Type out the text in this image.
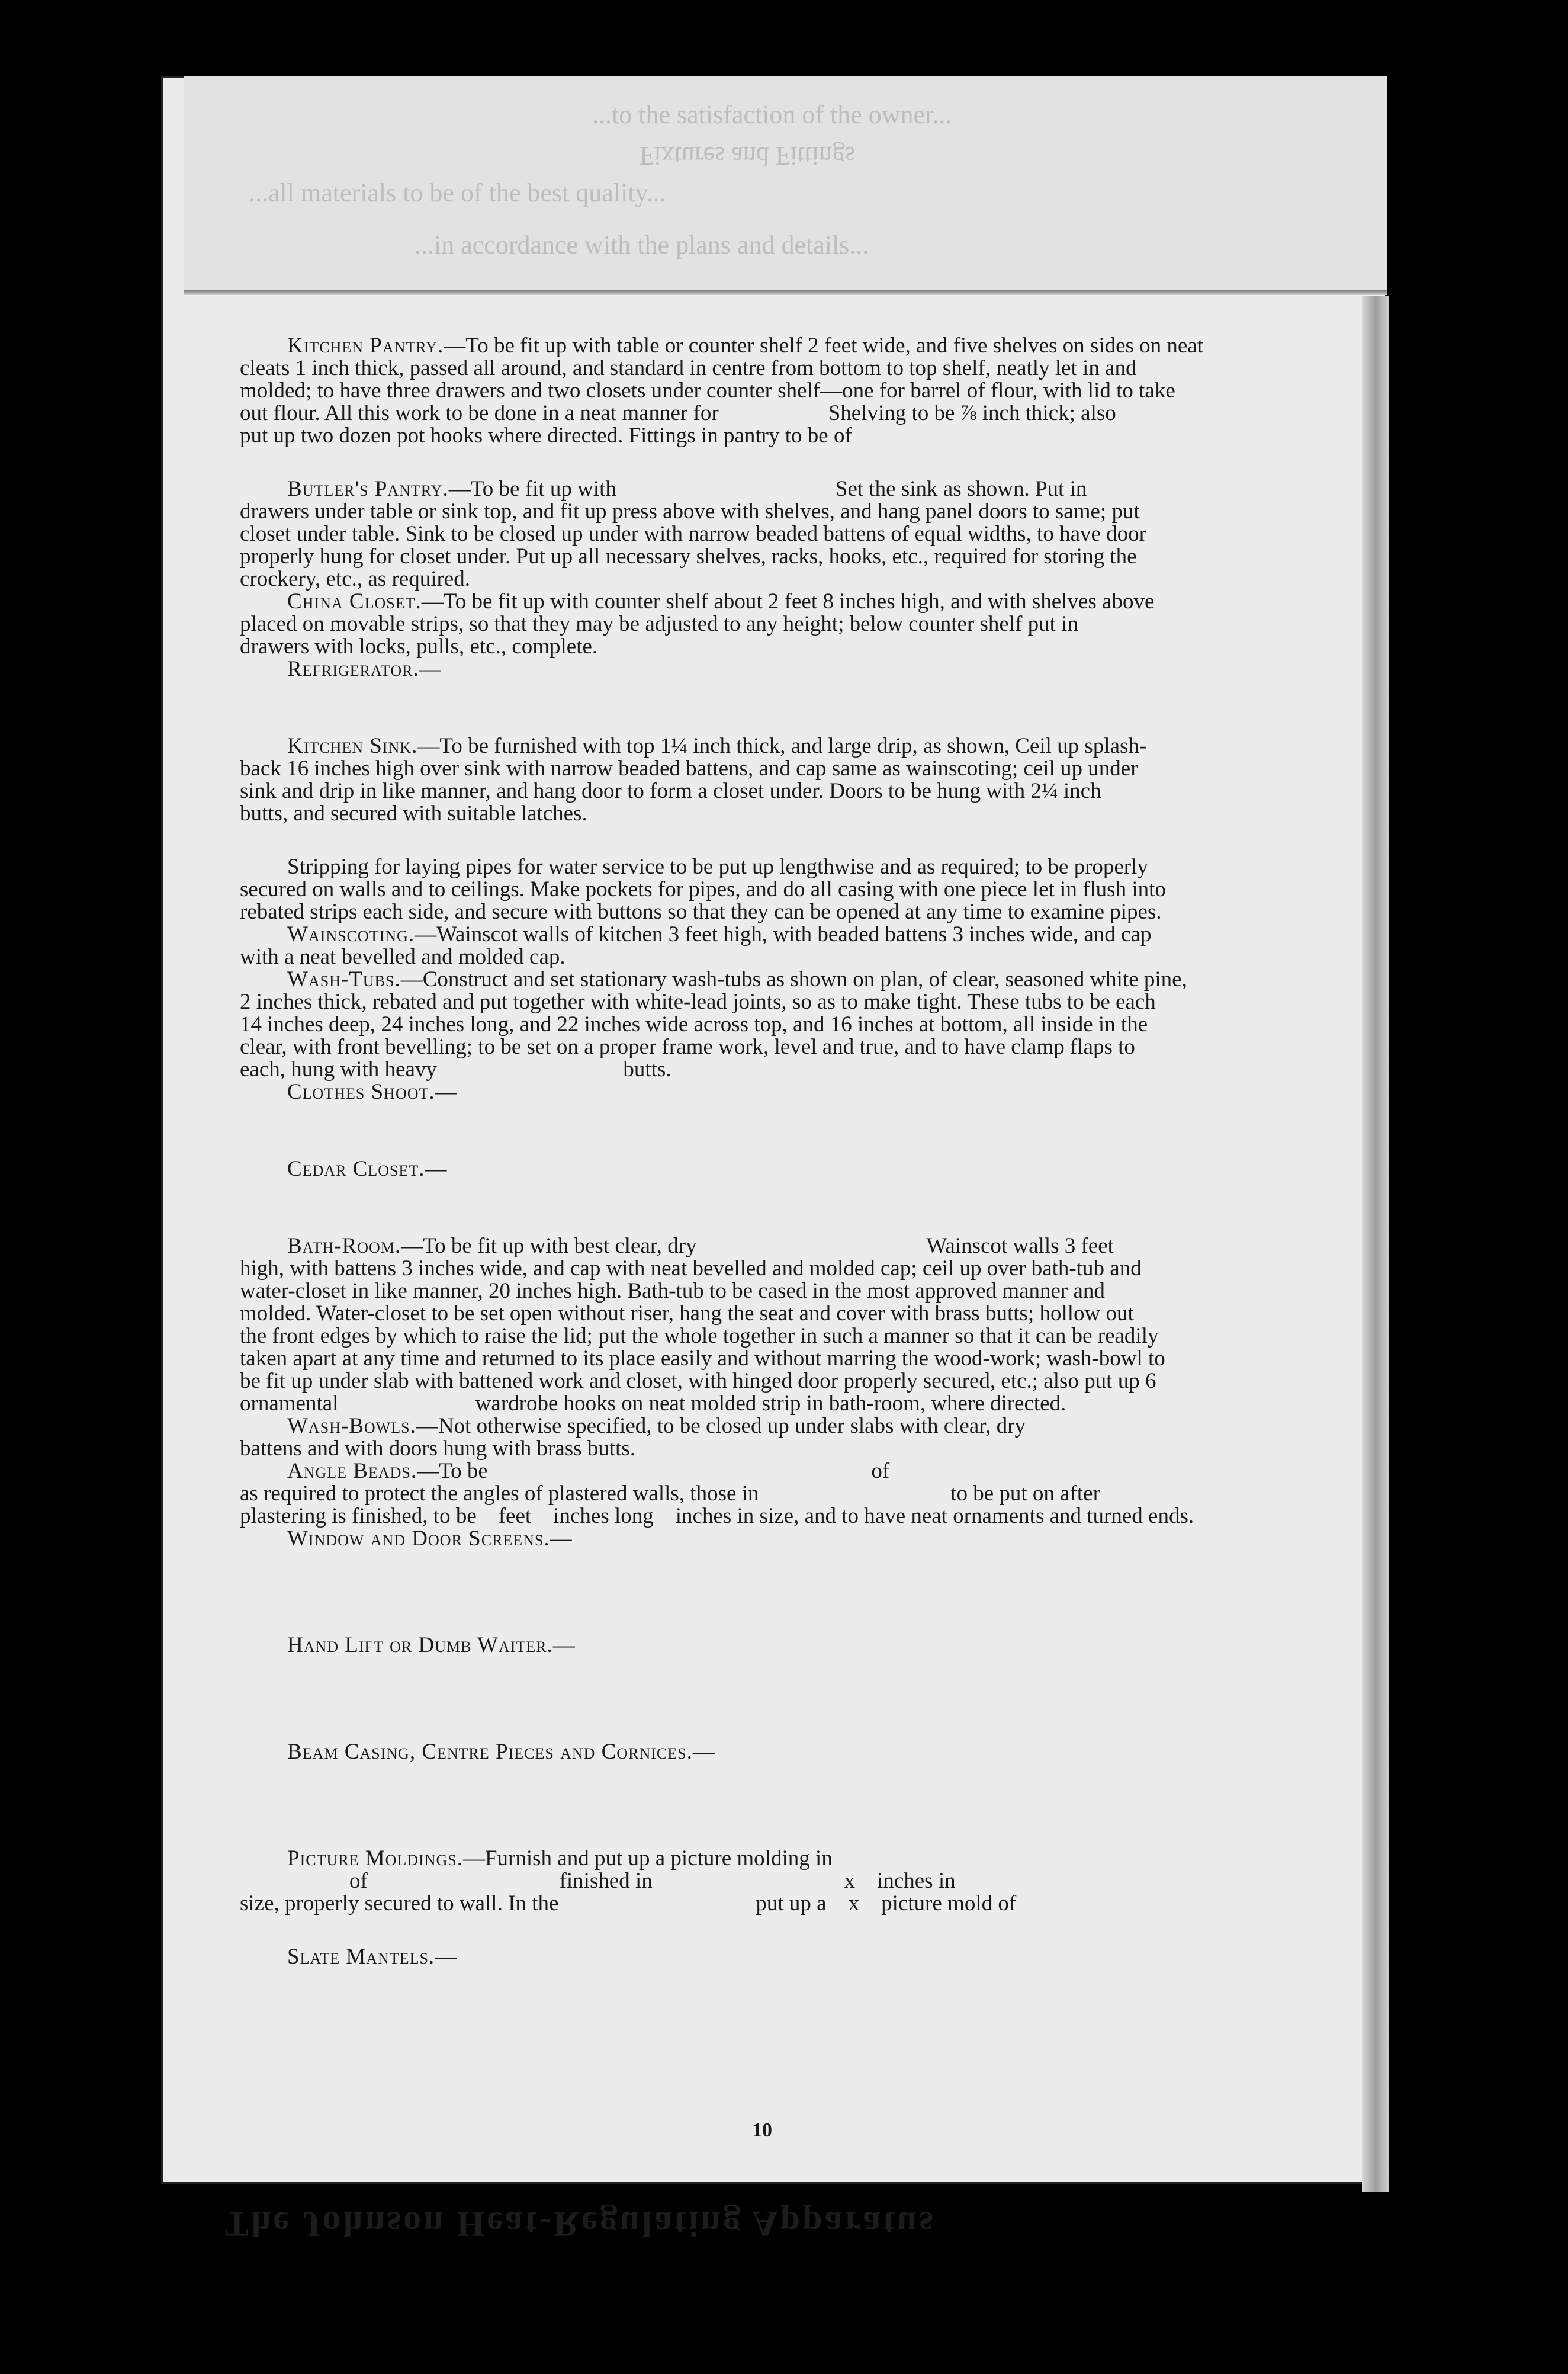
...to the satisfaction of the owner...
Fixtures and Fittings
...all materials to be of the best quality...
...in accordance with the plans and details...
Kitchen Pantry.—To be fit up with table or counter shelf 2 feet wide, and five shelves on sides on neat
cleats 1 inch thick, passed all around, and standard in centre from bottom to top shelf, neatly let in and
molded; to have three drawers and two closets under counter shelf—one for barrel of flour, with lid to take
out flour. All this work to be done in a neat manner for                    Shelving to be ⅞ inch thick; also
put up two dozen pot hooks where directed. Fittings in pantry to be of
Butler's Pantry.—To be fit up with                                        Set the sink as shown. Put in
drawers under table or sink top, and fit up press above with shelves, and hang panel doors to same; put
closet under table. Sink to be closed up under with narrow beaded battens of equal widths, to have door
properly hung for closet under. Put up all necessary shelves, racks, hooks, etc., required for storing the
crockery, etc., as required.
China Closet.—To be fit up with counter shelf about 2 feet 8 inches high, and with shelves above
placed on movable strips, so that they may be adjusted to any height; below counter shelf put in
drawers with locks, pulls, etc., complete.
Refrigerator.—
Kitchen Sink.—To be furnished with top 1¼ inch thick, and large drip, as shown, Ceil up splash-
back 16 inches high over sink with narrow beaded battens, and cap same as wainscoting; ceil up under
sink and drip in like manner, and hang door to form a closet under. Doors to be hung with 2¼ inch
butts, and secured with suitable latches.
Stripping for laying pipes for water service to be put up lengthwise and as required; to be properly
secured on walls and to ceilings. Make pockets for pipes, and do all casing with one piece let in flush into
rebated strips each side, and secure with buttons so that they can be opened at any time to examine pipes.
Wainscoting.—Wainscot walls of kitchen 3 feet high, with beaded battens 3 inches wide, and cap
with a neat bevelled and molded cap.
Wash-Tubs.—Construct and set stationary wash-tubs as shown on plan, of clear, seasoned white pine,
2 inches thick, rebated and put together with white-lead joints, so as to make tight. These tubs to be each
14 inches deep, 24 inches long, and 22 inches wide across top, and 16 inches at bottom, all inside in the
clear, with front bevelling; to be set on a proper frame work, level and true, and to have clamp flaps to
each, hung with heavy                                  butts.
Clothes Shoot.—
Cedar Closet.—
Bath-Room.—To be fit up with best clear, dry                                          Wainscot walls 3 feet
high, with battens 3 inches wide, and cap with neat bevelled and molded cap; ceil up over bath-tub and
water-closet in like manner, 20 inches high. Bath-tub to be cased in the most approved manner and
molded. Water-closet to be set open without riser, hang the seat and cover with brass butts; hollow out
the front edges by which to raise the lid; put the whole together in such a manner so that it can be readily
taken apart at any time and returned to its place easily and without marring the wood-work; wash-bowl to
be fit up under slab with battened work and closet, with hinged door properly secured, etc.; also put up 6
ornamental                         wardrobe hooks on neat molded strip in bath-room, where directed.
Wash-Bowls.—Not otherwise specified, to be closed up under slabs with clear, dry
battens and with doors hung with brass butts.
Angle Beads.—To be                                                                      of
as required to protect the angles of plastered walls, those in                                   to be put on after
plastering is finished, to be    feet    inches long    inches in size, and to have neat ornaments and turned ends.
Window and Door Screens.—
Hand Lift or Dumb Waiter.—
Beam Casing, Centre Pieces and Cornices.—
Picture Moldings.—Furnish and put up a picture molding in
of                                   finished in                                   x    inches in
size, properly secured to wall. In the                                    put up a    x    picture mold of
Slate Mantels.—
10
The Johnson Heat-Regulating Apparatus
